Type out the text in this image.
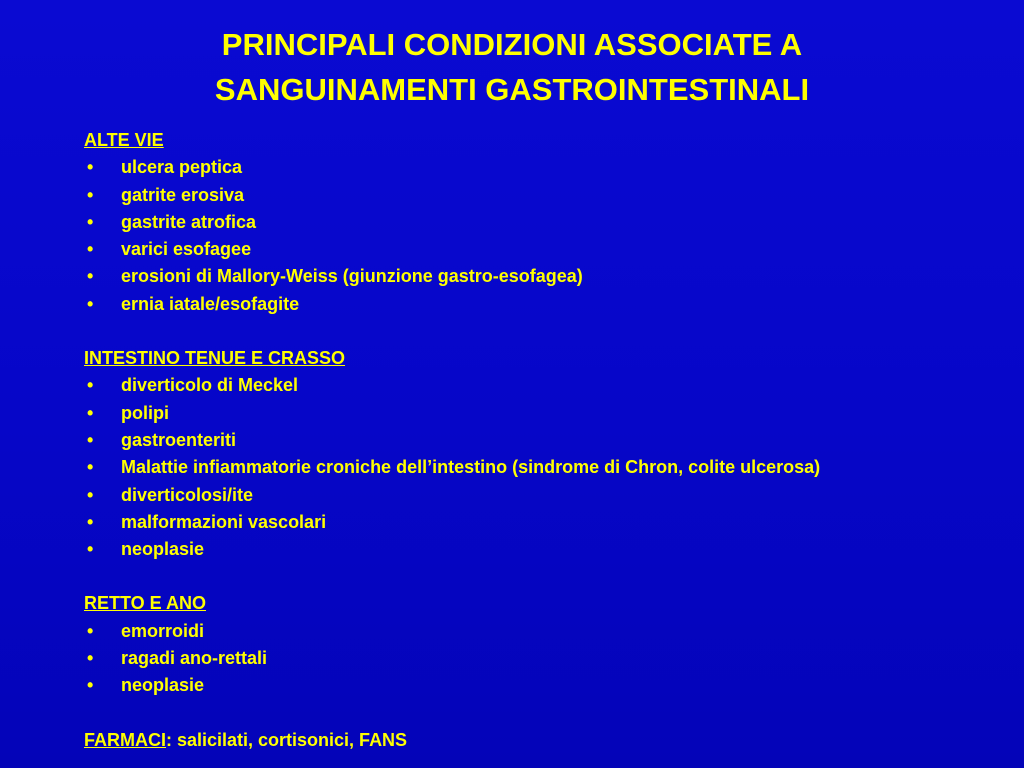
PRINCIPALI CONDIZIONI ASSOCIATE A
SANGUINAMENTI GASTROINTESTINALI
ALTE VIE
• ulcera peptica
• gatrite erosiva
• gastrite atrofica
• varici esofagee
• erosioni di Mallory-Weiss (giunzione gastro-esofagea)
• ernia iatale/esofagite
INTESTINO TENUE E CRASSO
• diverticolo di Meckel
• polipi
• gastroenteriti
• Malattie infiammatorie croniche dell’intestino (sindrome di Chron, colite ulcerosa)
• diverticolosi/ite
• malformazioni vascolari
• neoplasie
RETTO E ANO
• emorroidi
• ragadi ano-rettali
• neoplasie
FARMACI: salicilati, cortisonici, FANS
